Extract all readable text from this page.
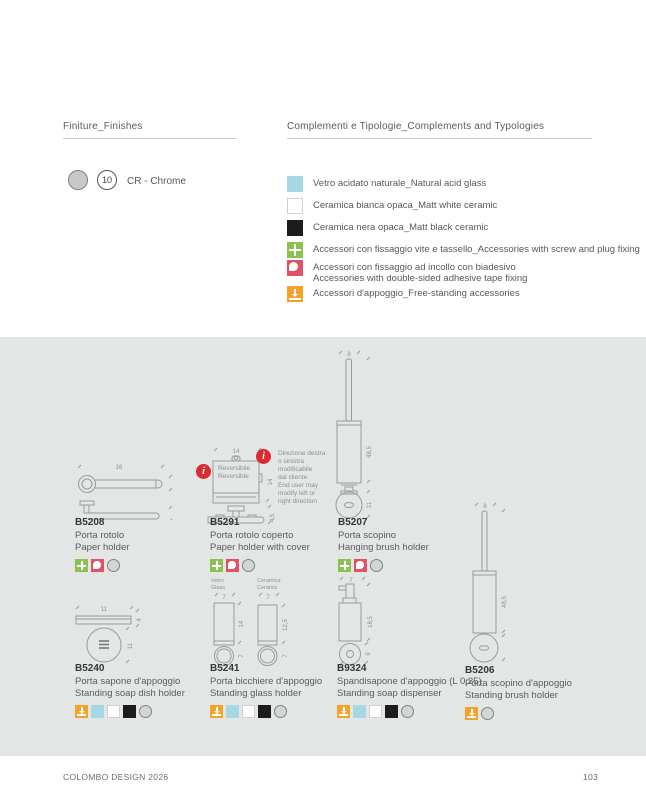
Finiture_Finishes	Complementi e Tipologie_Complements and Typologies
10	CR - Chrome	Vetro acidato naturale_Natural acid glass
Ceramica bianca opaca_Matt white ceramic
Ceramica nera opaca_Matt black ceramic
Accessori con fissaggio vite e tassello_Accessories with screw and plug fixing
Accessori con fissaggio ad incollo con biadesivo
Accessories with double-sided adhesive tape fixing
Accessori d'appoggio_Free-standing accessories
16	i	Reversibile
Reversible
14
14
4,5
i	Direzione destra
o sinistra
modificabile
dal cliente
End user may
modify left or
right direction
8
48,5
11
11
4
11
Vetro
Glass
Ceramica
Ceramic
7	7
14	12,5
7	7
7
18,5
9
8
48,5
B5208
Porta rotolo
Paper holder
B5291
Porta rotolo coperto
Paper holder with cover
B5207
Porta scopino
Hanging brush holder
B5240
Porta sapone d'appoggio
Standing soap dish holder
B5241
Porta bicchiere d'appoggio
Standing glass holder
B9324
Spandisapone d'appoggio (L 0,25)
Standing soap dispenser
B5206
Porta scopino d'appoggio
Standing brush holder
COLOMBO DESIGN 2026	103
